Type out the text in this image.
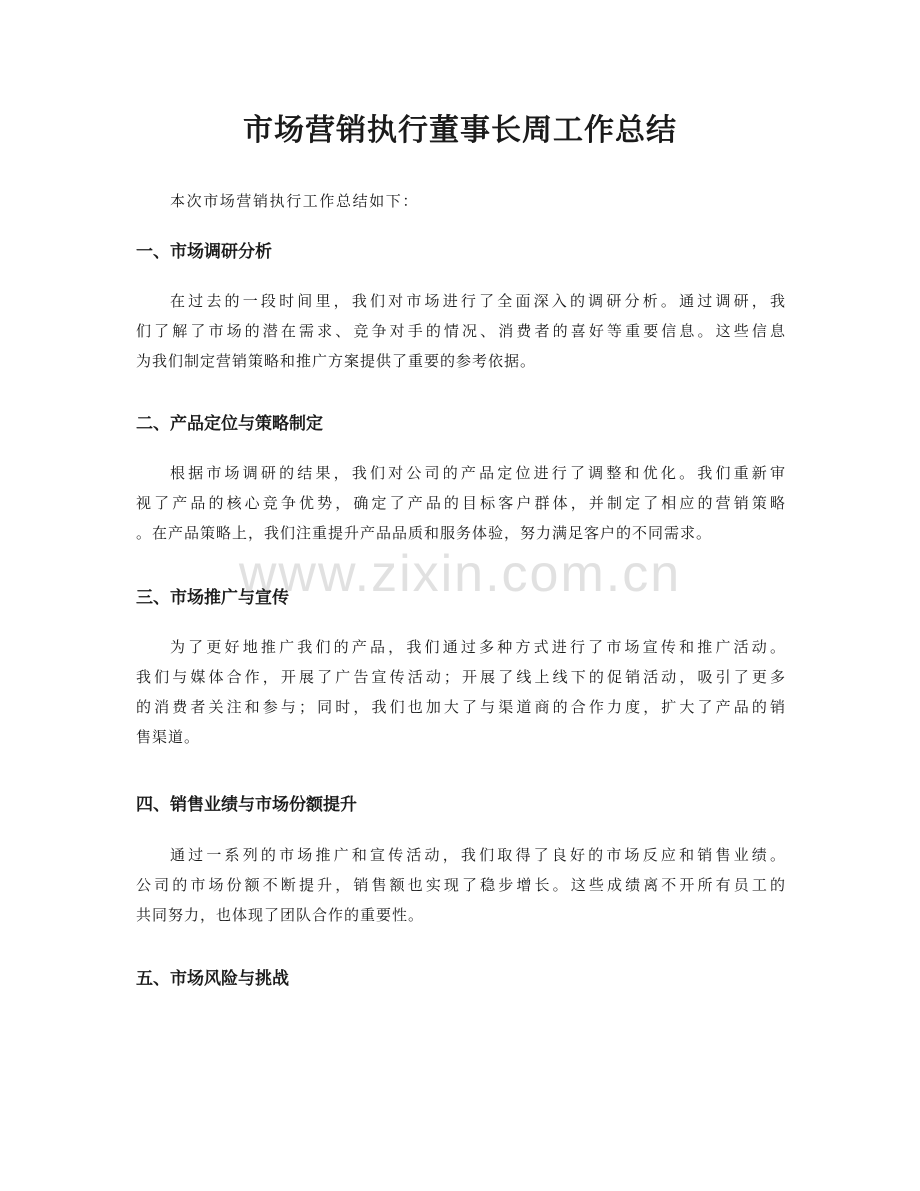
www.zixin.com.cn
市场营销执行董事长周工作总结

本次市场营销执行工作总结如下：

一、市场调研分析
在过去的一段时间里，我们对市场进行了全面深入的调研分析。通过调研，我
们了解了市场的潜在需求、竞争对手的情况、消费者的喜好等重要信息。这些信息
为我们制定营销策略和推广方案提供了重要的参考依据。
二、产品定位与策略制定
根据市场调研的结果，我们对公司的产品定位进行了调整和优化。我们重新审
视了产品的核心竞争优势，确定了产品的目标客户群体，并制定了相应的营销策略
。在产品策略上，我们注重提升产品品质和服务体验，努力满足客户的不同需求。
三、市场推广与宣传
为了更好地推广我们的产品，我们通过多种方式进行了市场宣传和推广活动。
我们与媒体合作，开展了广告宣传活动；开展了线上线下的促销活动，吸引了更多
的消费者关注和参与；同时，我们也加大了与渠道商的合作力度，扩大了产品的销
售渠道。
四、销售业绩与市场份额提升
通过一系列的市场推广和宣传活动，我们取得了良好的市场反应和销售业绩。
公司的市场份额不断提升，销售额也实现了稳步增长。这些成绩离不开所有员工的
共同努力，也体现了团队合作的重要性。
五、市场风险与挑战
